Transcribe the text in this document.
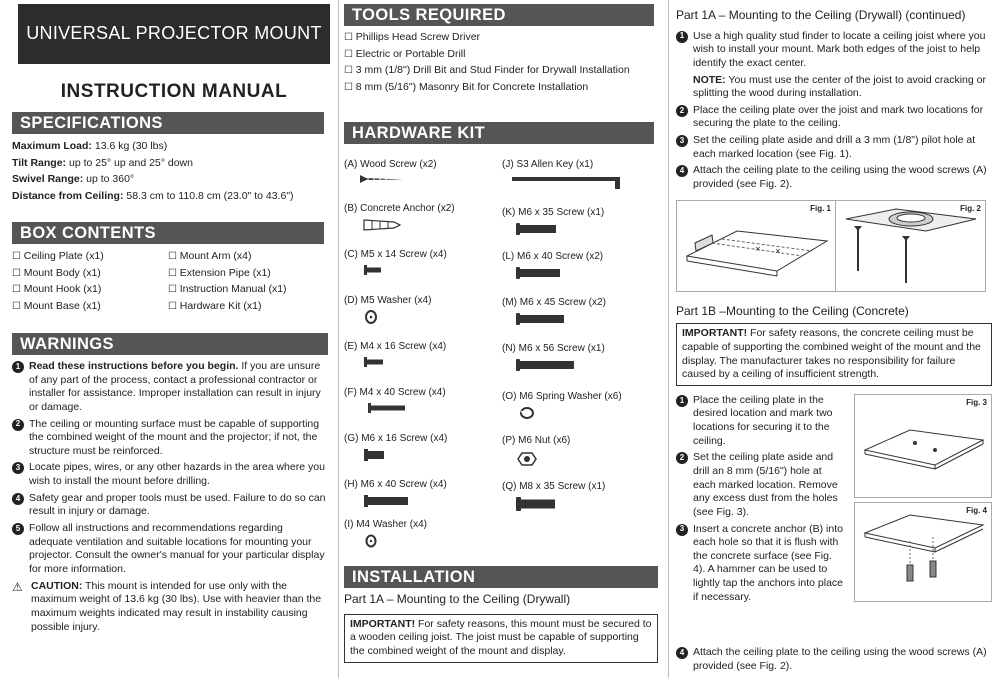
UNIVERSAL PROJECTOR MOUNT
INSTRUCTION MANUAL
SPECIFICATIONS
Maximum Load: 13.6 kg (30 lbs)
Tilt Range: up to 25° up and 25° down
Swivel Range: up to 360°
Distance from Ceiling: 58.3 cm to 110.8 cm (23.0" to 43.6")
BOX CONTENTS
☐ Ceiling Plate (x1)	☐ Mount Arm (x4)
☐ Mount Body (x1)	☐ Extension Pipe (x1)
☐ Mount Hook (x1)	☐ Instruction Manual (x1)
☐ Mount Base (x1)	☐ Hardware Kit (x1)
WARNINGS
1 Read these instructions before you begin. If you are unsure of any part of the process, contact a professional contractor or installer for assistance. Improper installation can result in injury or damage.
2 The ceiling or mounting surface must be capable of supporting the combined weight of the mount and the projector; if not, the structure must be reinforced.
3 Locate pipes, wires, or any other hazards in the area where you wish to install the mount before drilling.
4 Safety gear and proper tools must be used. Failure to do so can result in injury or damage.
5 Follow all instructions and recommendations regarding adequate ventilation and suitable locations for mounting your projector. Consult the owner's manual for your particular display for more information.
⚠ CAUTION: This mount is intended for use only with the maximum weight of 13.6 kg (30 lbs). Use with heavier than the maximum weights indicated may result in instability causing possible injury.
TOOLS REQUIRED
☐ Phillips Head Screw Driver
☐ Electric or Portable Drill
☐ 3 mm (1/8") Drill Bit and Stud Finder for Drywall Installation
☐ 8 mm (5/16") Masonry Bit for Concrete Installation
HARDWARE KIT
(A) Wood Screw (x2)
(B) Concrete Anchor (x2)
(C) M5 x 14 Screw (x4)
(D) M5 Washer (x4)
(E) M4 x 16 Screw (x4)
(F) M4 x 40 Screw (x4)
(G) M6 x 16 Screw (x4)
(H) M6 x 40 Screw (x4)
(I) M4 Washer (x4)
(J) S3 Allen Key (x1)
(K) M6 x 35 Screw (x1)
(L) M6 x 40 Screw (x2)
(M) M6 x 45 Screw (x2)
(N) M6 x 56 Screw (x1)
(O) M6 Spring Washer (x6)
(P) M6 Nut (x6)
(Q) M8 x 35 Screw (x1)
INSTALLATION
Part 1A – Mounting to the Ceiling (Drywall)
IMPORTANT! For safety reasons, this mount must be secured to a wooden ceiling joist. The joist must be capable of supporting the combined weight of the mount and display.
Part 1A – Mounting to the Ceiling (Drywall) (continued)
1 Use a high quality stud finder to locate a ceiling joist where you wish to install your mount. Mark both edges of the joist to help identify the exact center.
NOTE: You must use the center of the joist to avoid cracking or splitting the wood during installation.
2 Place the ceiling plate over the joist and mark two locations for securing the plate to the ceiling.
3 Set the ceiling plate aside and drill a 3 mm (1/8") pilot hole at each marked location (see Fig. 1).
4 Attach the ceiling plate to the ceiling using the wood screws (A) provided (see Fig. 2).
Fig. 1
× ×
Fig. 2
Part 1B –Mounting to the Ceiling (Concrete)
IMPORTANT! For safety reasons, the concrete ceiling must be capable of supporting the combined weight of the mount and the display. The manufacturer takes no responsibility for failure caused by a ceiling of insufficient strength.
1 Place the ceiling plate in the desired location and mark two locations for securing it to the ceiling.
2 Set the ceiling plate aside and drill an 8 mm (5/16") hole at each marked location. Remove any excess dust from the holes (see Fig. 3).
3 Insert a concrete anchor (B) into each hole so that it is flush with the concrete surface (see Fig. 4). A hammer can be used to lightly tap the anchors into place if necessary.
Fig. 3
Fig. 4
4 Attach the ceiling plate to the ceiling using the wood screws (A) provided (see Fig. 2).
